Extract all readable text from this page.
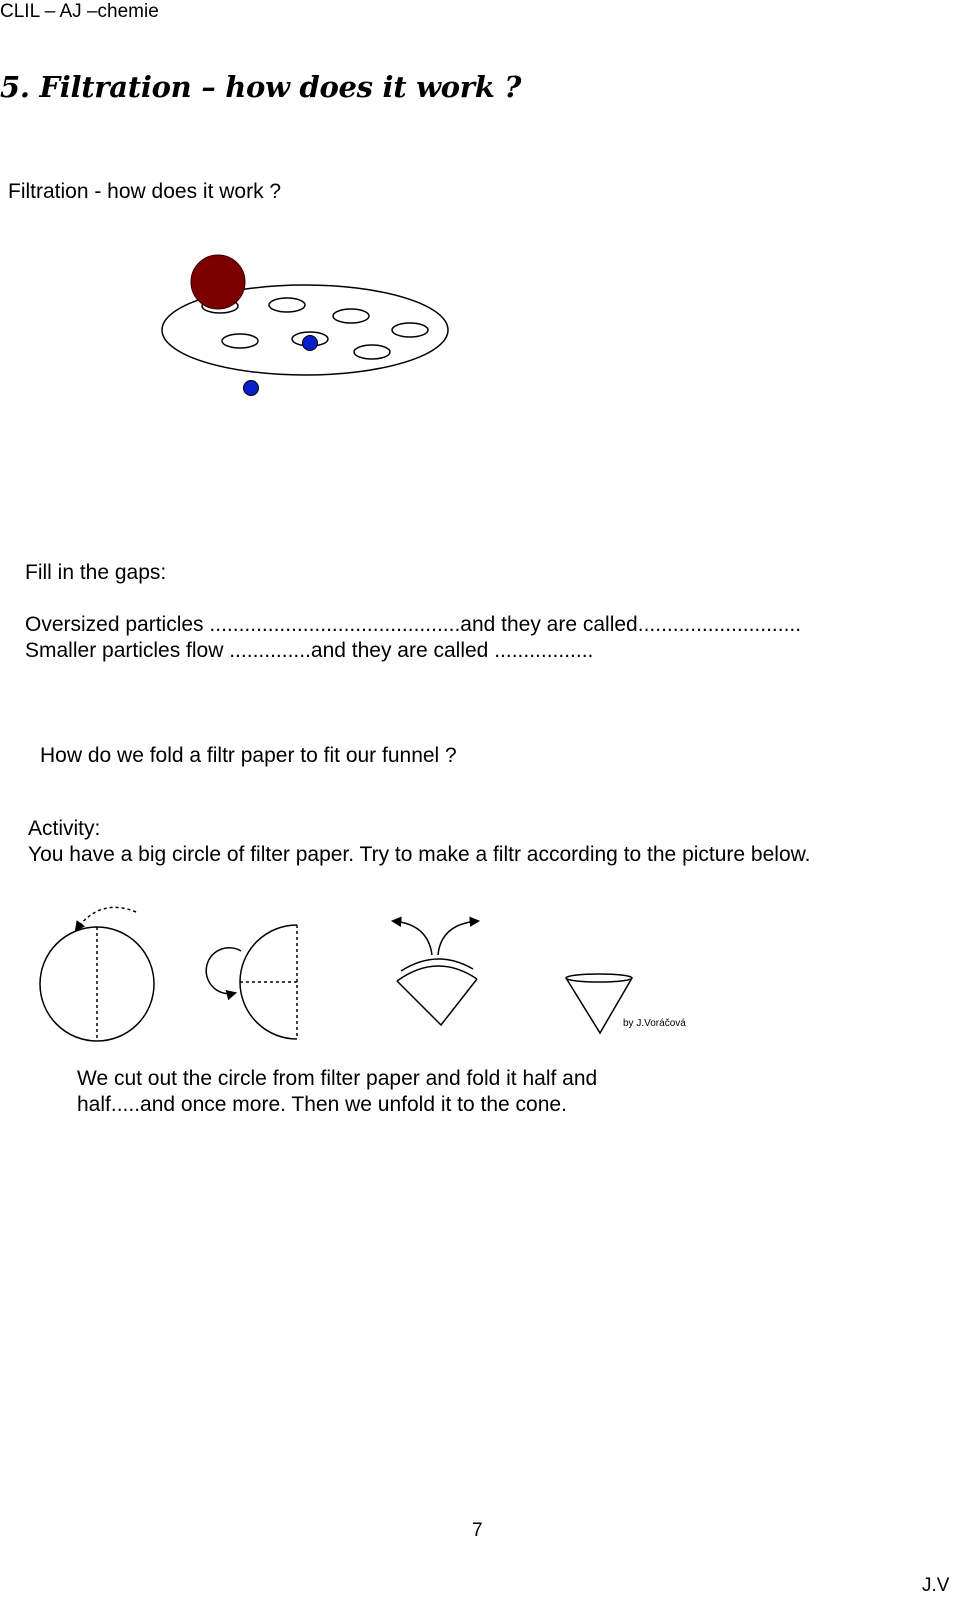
CLIL – AJ –chemie
5. Filtration – how does it work ?
Filtration - how does it work ?
Fill in the gaps:
Oversized particles ...........................................and they are called............................
Smaller particles flow ..............and they are called .................
How do we fold a filtr paper to fit our funnel ?
Activity:
You have a big circle of filter paper. Try to make a filtr according to the picture below.
by J.Voráčová
We cut out the circle from filter paper and fold it half and
half.....and once more. Then we unfold it to the cone.
7
J.V
